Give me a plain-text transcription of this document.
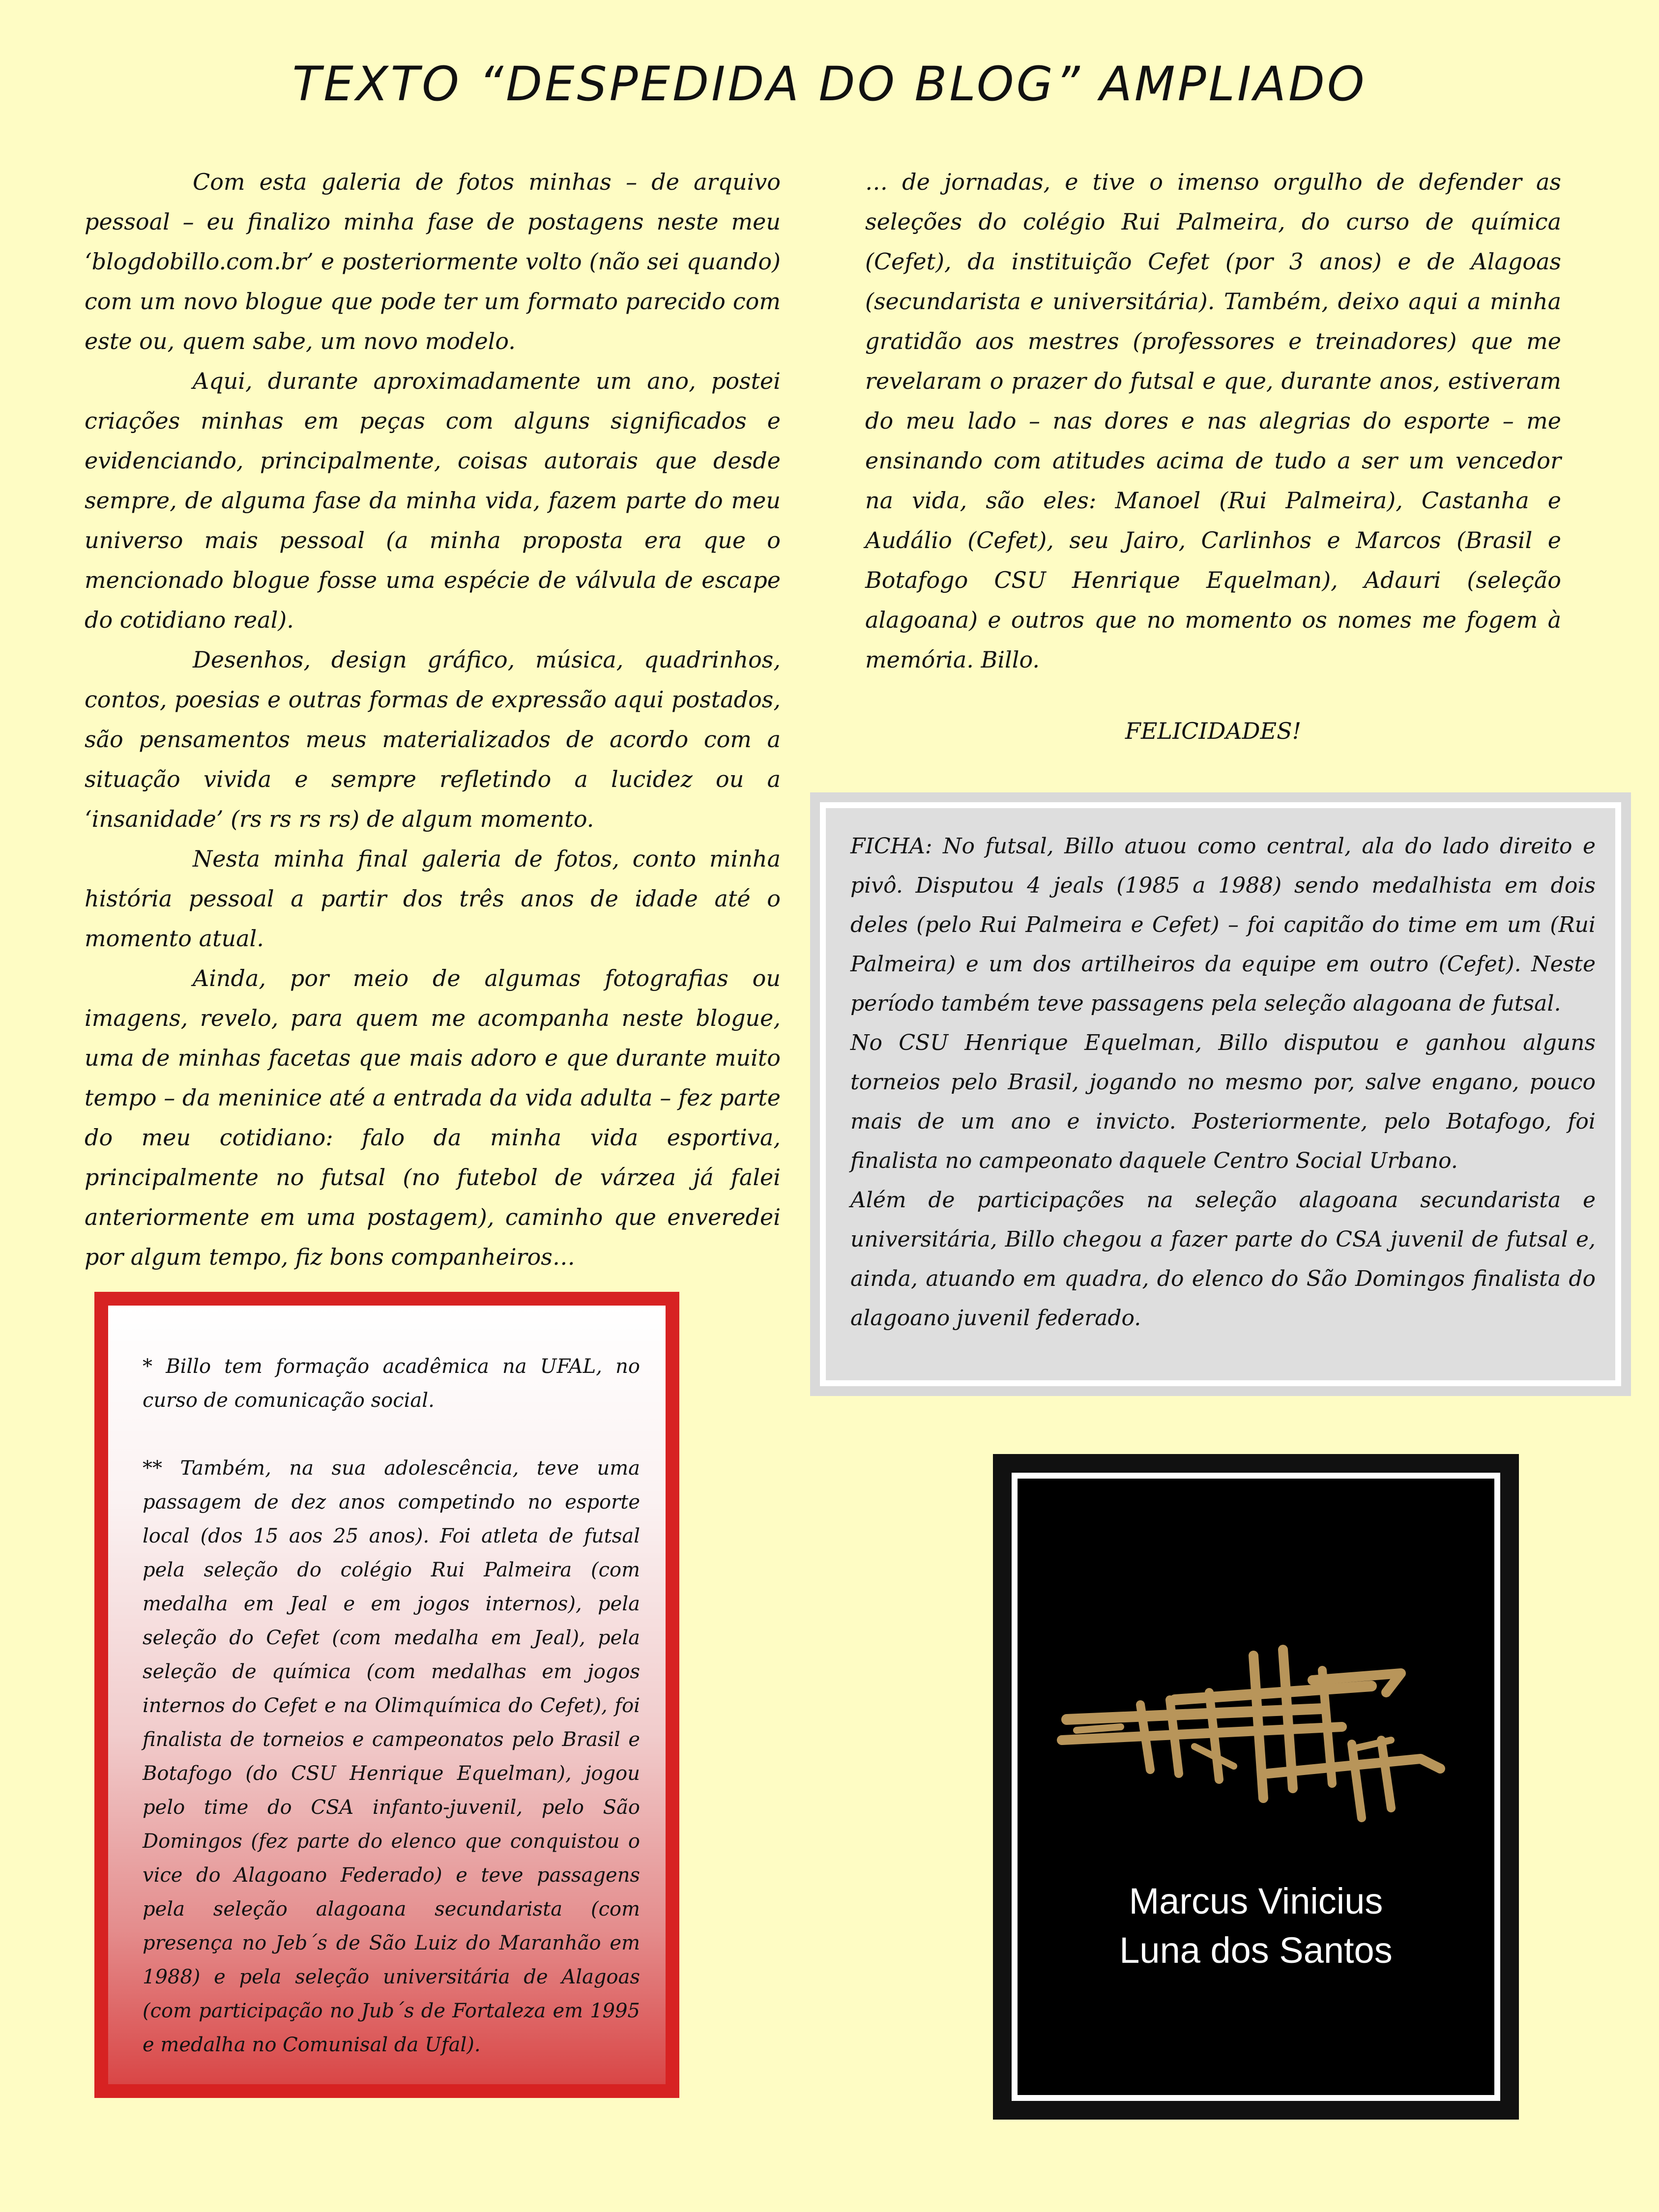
TEXTO “DESPEDIDA DO BLOG” AMPLIADO

Com esta galeria de fotos minhas – de arquivo pessoal – eu finalizo minha fase de postagens neste meu ‘blogdobillo.com.br’ e posteriormente volto (não sei quando) com um novo blogue que pode ter um formato parecido com este ou, quem sabe, um novo modelo.

Aqui, durante aproximadamente um ano, postei criações minhas em peças com alguns significados e evidenciando, principalmente, coisas autorais que desde sempre, de alguma fase da minha vida, fazem parte do meu universo mais pessoal (a minha proposta era que o mencionado blogue fosse uma espécie de válvula de escape do cotidiano real).

Desenhos, design gráfico, música, quadrinhos, contos, poesias e outras formas de expressão aqui postados, são pensamentos meus materializados de acordo com a situação vivida e sempre refletindo a lucidez ou a ‘insanidade’ (rs rs rs rs) de algum momento.

Nesta minha final galeria de fotos, conto minha história pessoal a partir dos três anos de idade até o momento atual.

Ainda, por meio de algumas fotografias ou imagens, revelo, para quem me acompanha neste blogue, uma de minhas facetas que mais adoro e que durante muito tempo – da meninice até a entrada da vida adulta – fez parte do meu cotidiano: falo da minha vida esportiva, principalmente no futsal (no futebol de várzea já falei anteriormente em uma postagem), caminho que enveredei por algum tempo, fiz bons companheiros…

… de jornadas, e tive o imenso orgulho de defender as seleções do colégio Rui Palmeira, do curso de química (Cefet), da instituição Cefet (por 3 anos) e de Alagoas (secundarista e universitária). Também, deixo aqui a minha gratidão aos mestres (professores e treinadores) que me revelaram o prazer do futsal e que, durante anos, estiveram do meu lado – nas dores e nas alegrias do esporte – me ensinando com atitudes acima de tudo a ser um vencedor na vida, são eles: Manoel (Rui Palmeira), Castanha e Audálio (Cefet), seu Jairo, Carlinhos e Marcos (Brasil e Botafogo CSU Henrique Equelman), Adauri (seleção alagoana) e outros que no momento os nomes me fogem à memória. Billo.

FELICIDADES!

FICHA: No futsal, Billo atuou como central, ala do lado direito e pivô. Disputou 4 jeals (1985 a 1988) sendo medalhista em dois deles (pelo Rui Palmeira e Cefet) – foi capitão do time em um (Rui Palmeira) e um dos artilheiros da equipe em outro (Cefet). Neste período também teve passagens pela seleção alagoana de futsal.

No CSU Henrique Equelman, Billo disputou e ganhou alguns torneios pelo Brasil, jogando no mesmo por, salve engano, pouco mais de um ano e invicto. Posteriormente, pelo Botafogo, foi finalista no campeonato daquele Centro Social Urbano.

Além de participações na seleção alagoana secundarista e universitária, Billo chegou a fazer parte do CSA juvenil de futsal e, ainda, atuando em quadra, do elenco do São Domingos finalista do alagoano juvenil federado.

* Billo tem formação acadêmica na UFAL, no curso de comunicação social.

** Também, na sua adolescência, teve uma passagem de dez anos competindo no esporte local (dos 15 aos 25 anos). Foi atleta de futsal pela seleção do colégio Rui Palmeira (com medalha em Jeal e em jogos internos), pela seleção do Cefet (com medalha em Jeal), pela seleção de química (com medalhas em jogos internos do Cefet e na Olimquímica do Cefet), foi finalista de torneios e campeonatos pelo Brasil e Botafogo (do CSU Henrique Equelman), jogou pelo time do CSA infanto-juvenil, pelo São Domingos (fez parte do elenco que conquistou o vice do Alagoano Federado) e teve passagens pela seleção alagoana secundarista (com presença no Jeb´s de São Luiz do Maranhão em 1988) e pela seleção universitária de Alagoas (com participação no Jub´s de Fortaleza em 1995 e medalha no Comunisal da Ufal).

Marcus Vinicius
Luna dos Santos
